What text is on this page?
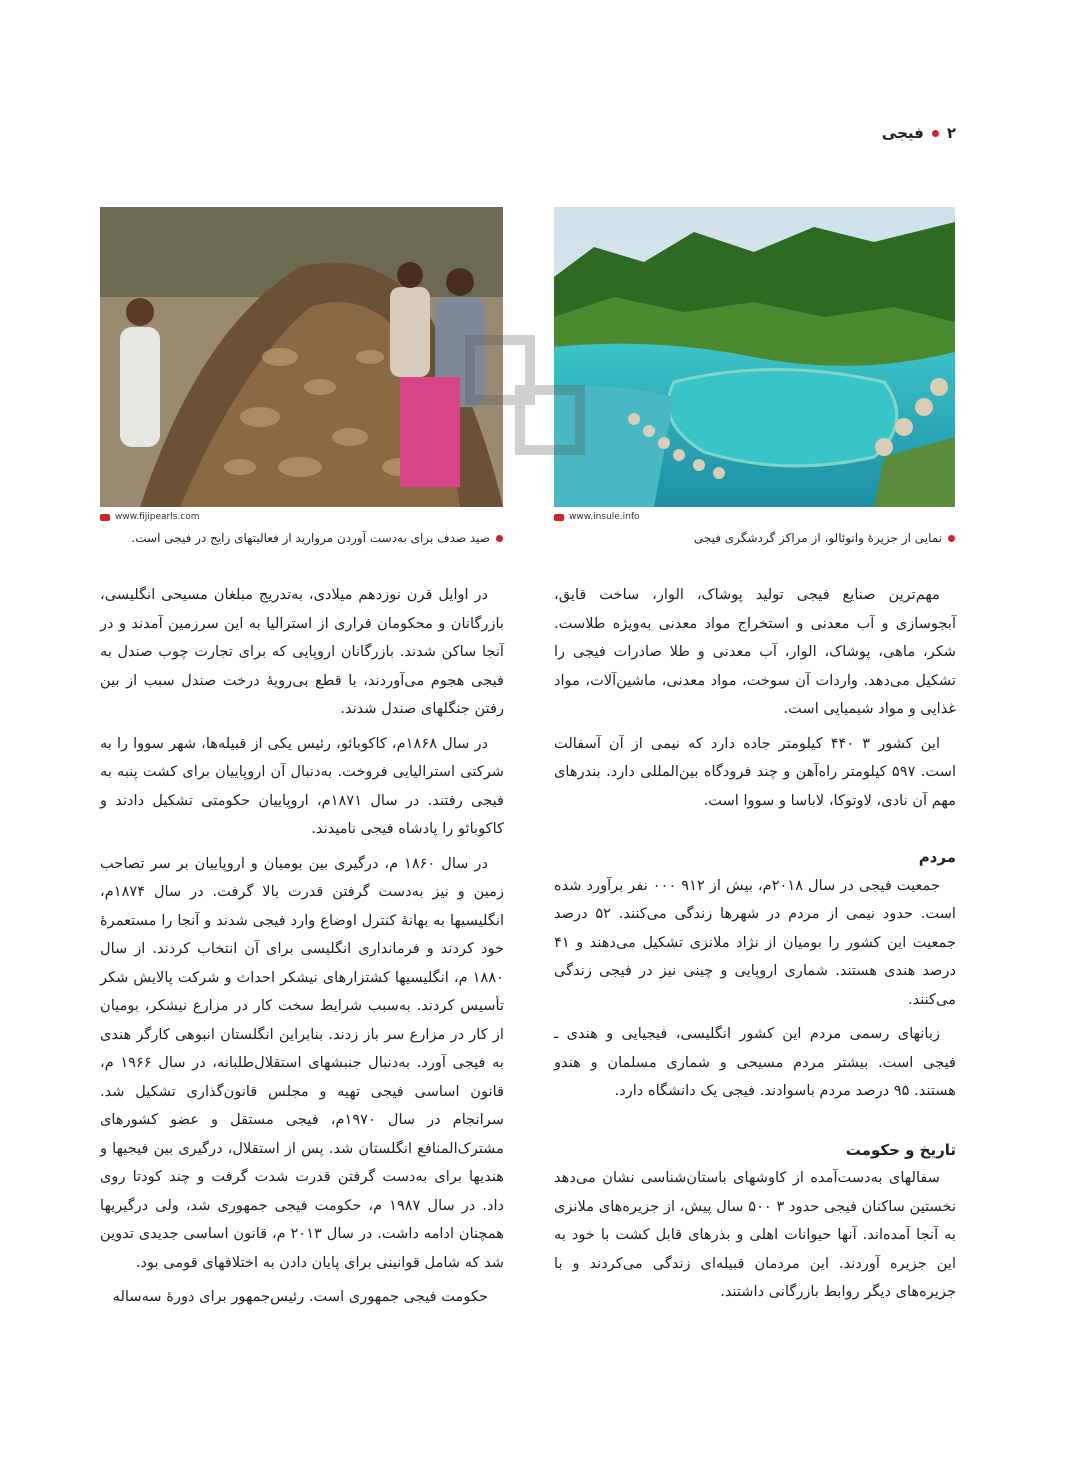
۲
فیجی
www.insule.info
www.fijipearls.com
نمایی از جزیرهٔ وانوئالو، از مراکز گردشگری فیجی
صید صدف برای به‌دست آوردن مروارید از فعالیتهای رایج در فیجی است.

مهم‌ترین صنایع فیجی تولید پوشاک، الوار، ساخت قایق، آبجوسازی و آب معدنی و استخراج مواد معدنی به‌ویژه طلاست. شکر، ماهی، پوشاک، الوار، آب معدنی و طلا صادرات فیجی را تشکیل می‌دهد. واردات آن سوخت، مواد معدنی، ماشین‌آلات، مواد غذایی و مواد شیمیایی است.

این کشور ۳ ۴۴۰ کیلومتر جاده دارد که نیمی از آن آسفالت است. ۵۹۷ کیلومتر راه‌آهن و چند فرودگاه بین‌المللی دارد. بندرهای مهم آن نادی، لاوتوکا، لاباسا و سووا است.

مردم

جمعیت فیجی در سال ۲۰۱۸م، بیش از ۹۱۲ ۰۰۰ نفر برآورد شده است. حدود نیمی از مردم در شهرها زندگی می‌کنند. ۵۲ درصد جمعیت این کشور را بومیان از نژاد ملانزی تشکیل می‌دهند و ۴۱ درصد هندی هستند. شماری اروپایی و چینی نیز در فیجی زندگی می‌کنند.

زبانهای رسمی مردم این کشور انگلیسی، فیجیایی و هندی ـ فیجی است. بیشتر مردم مسیحی و شماری مسلمان و هندو هستند. ۹۵ درصد مردم باسوادند. فیجی یک دانشگاه دارد.

تاریخ و حکومت

سفالهای به‌دست‌آمده از کاوشهای باستان‌شناسی نشان می‌دهد نخستین ساکنان فیجی حدود ۳ ۵۰۰ سال پیش، از جزیره‌های ملانزی به آنجا آمده‌اند. آنها حیوانات اهلی و بذرهای قابل کشت با خود به این جزیره آوردند. این مردمان قبیله‌ای زندگی می‌کردند و با جزیره‌های دیگر روابط بازرگانی داشتند.

در اوایل قرن نوزدهم میلادی، به‌تدریج مبلغان مسیحی انگلیسی، بازرگانان و محکومان فراری از استرالیا به این سرزمین آمدند و در آنجا ساکن شدند. بازرگانان اروپایی که برای تجارت چوب صندل به فیجی هجوم می‌آوردند، با قطع بی‌رویهٔ درخت صندل سبب از بین رفتن جنگلهای صندل شدند.

در سال ۱۸۶۸م، کاکوبائو، رئیس یکی از قبیله‌ها، شهر سووا را به شرکتی استرالیایی فروخت. به‌دنبال آن اروپاییان برای کشت پنبه به فیجی رفتند. در سال ۱۸۷۱م، اروپاییان حکومتی تشکیل دادند و کاکوبائو را پادشاه فیجی نامیدند.

در سال ۱۸۶۰ م، درگیری بین بومیان و اروپاییان بر سر تصاحب زمین و نیز به‌دست گرفتن قدرت بالا گرفت. در سال ۱۸۷۴م، انگلیسیها به بهانهٔ کنترل اوضاع وارد فیجی شدند و آنجا را مستعمرهٔ خود کردند و فرمانداری انگلیسی برای آن انتخاب کردند. از سال ۱۸۸۰ م، انگلیسیها کشتزارهای نیشکر احداث و شرکت پالایش شکر تأسیس کردند. به‌سبب شرایط سخت کار در مزارع نیشکر، بومیان از کار در مزارع سر باز زدند. بنابراین انگلستان انبوهی کارگر هندی به فیجی آورد. به‌دنبال جنبشهای استقلال‌طلبانه، در سال ۱۹۶۶ م، قانون اساسی فیجی تهیه و مجلس قانون‌گذاری تشکیل شد. سرانجام در سال ۱۹۷۰م، فیجی مستقل و عضو کشورهای مشترک‌المنافع انگلستان شد. پس از استقلال، درگیری بین فیجیها و هندیها برای به‌دست گرفتن قدرت شدت گرفت و چند کودتا روی داد. در سال ۱۹۸۷ م، حکومت فیجی جمهوری شد، ولی درگیریها همچنان ادامه داشت. در سال ۲۰۱۳ م، قانون اساسی جدیدی تدوین شد که شامل قوانینی برای پایان دادن به اختلافهای قومی بود.

حکومت فیجی جمهوری است. رئیس‌جمهور برای دورهٔ سه‌ساله
